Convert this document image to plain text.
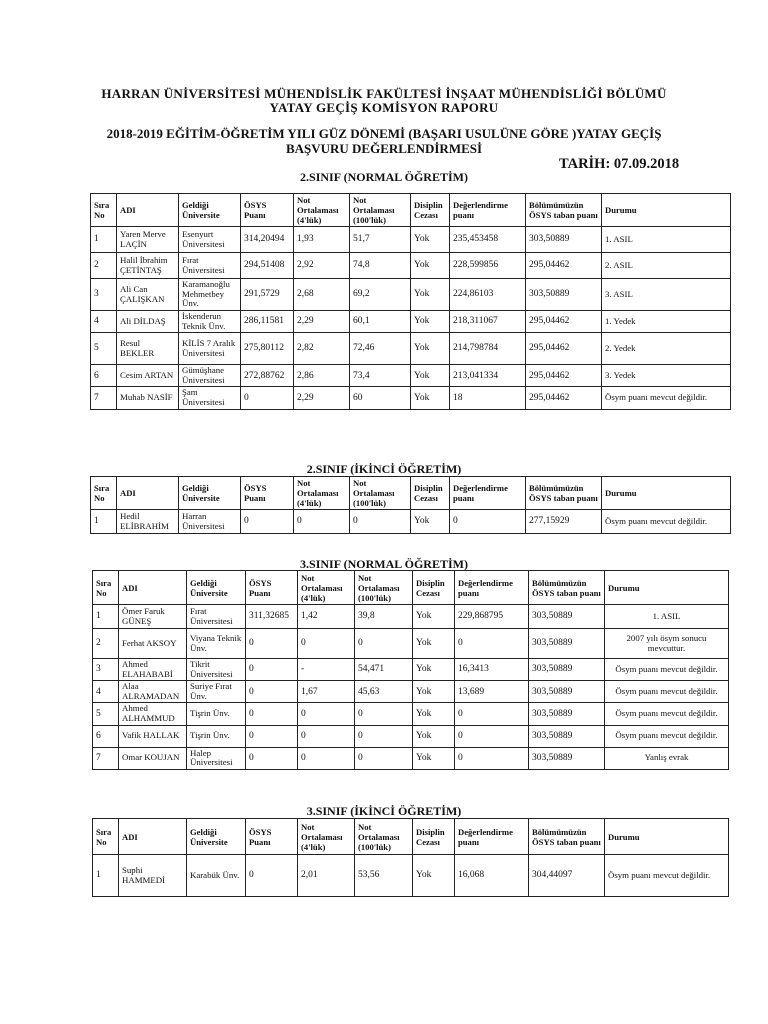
HARRAN ÜNİVERSİTESİ MÜHENDİSLİK FAKÜLTESİ İNŞAAT MÜHENDİSLİĞİ BÖLÜMÜ
YATAY GEÇİŞ KOMİSYON RAPORU
2018-2019 EĞİTİM-ÖĞRETİM YILI GÜZ DÖNEMİ (BAŞARI USULÜNE GÖRE )YATAY GEÇİŞ
BAŞVURU DEĞERLENDİRMESİ
TARİH: 07.09.2018
2.SINIF (NORMAL ÖĞRETİM)
Sıra No	ADI	Geldiği Üniversite	ÖSYS Puanı	Not Ortalaması (4'lük)	Not Ortalaması (100'lük)	Disiplin Cezası	Değerlendirme puanı	Bölümümüzün ÖSYS taban puanı	Durumu
1	Yaren Merve LAÇİN	Esenyurt Üniversitesi	314,20494	1,93	51,7	Yok	235,453458	303,50889	1. ASIL
2	Halil İbrahim ÇETİNTAŞ	Fırat Üniversitesi	294,51408	2,92	74,8	Yok	228,599856	295,04462	2. ASIL
3	Ali Can ÇALIŞKAN	Karamanoğlu Mehmetbey Ünv.	291,5729	2,68	69,2	Yok	224,86103	303,50889	3. ASIL
4	Ali DİLDAŞ	İskenderun Teknik Ünv.	286,11581	2,29	60,1	Yok	218,311067	295,04462	1. Yedek
5	Resul BEKLER	KİLİS 7 Aralık Üniversitesi	275,80112	2,82	72,46	Yok	214,798784	295,04462	2. Yedek
6	Cesim ARTAN	Gümüşhane Üniversitesi	272,88762	2,86	73,4	Yok	213,041334	295,04462	3. Yedek
7	Muhab NASİF	Şam Üniversitesi	0	2,29	60	Yok	18	295,04462	Ösym puanı mevcut değildir.
2.SINIF (İKİNCİ ÖĞRETİM)
Sıra No	ADI	Geldiği Üniversite	ÖSYS Puanı	Not Ortalaması (4'lük)	Not Ortalaması (100'lük)	Disiplin Cezası	Değerlendirme puanı	Bölümümüzün ÖSYS taban puanı	Durumu
1	Hedil ELİBRAHİM	Harran Üniversitesi	0	0	0	Yok	0	277,15929	Ösym puanı mevcut değildir.
3.SINIF (NORMAL ÖĞRETİM)
Sıra No	ADI	Geldiği Üniversite	ÖSYS Puanı	Not Ortalaması (4'lük)	Not Ortalaması (100'lük)	Disiplin Cezası	Değerlendirme puanı	Bölümümüzün ÖSYS taban puanı	Durumu
1	Ömer Faruk GÜNEŞ	Fırat Üniversitesi	311,32685	1,42	39,8	Yok	229,868795	303,50889	1. ASIL
2	Ferhat AKSOY	Viyana Teknik Ünv.	0	0	0	Yok	0	303,50889	2007 yılı ösym sonucu mevcuttur.
3	Ahmed ELAHABABİ	Tikrit Üniversitesi	0	-	54,471	Yok	16,3413	303,50889	Ösym puanı mevcut değildir.
4	Alaa ALRAMADAN	Suriye Fırat Ünv.	0	1,67	45,63	Yok	13,689	303,50889	Ösym puanı mevcut değildir.
5	Ahmed ALHAMMUD	Tişrin Ünv.	0	0	0	Yok	0	303,50889	Ösym puanı mevcut değildir.
6	Vafik HALLAK	Tişrin Ünv.	0	0	0	Yok	0	303,50889	Ösym puanı mevcut değildir.
7	Omar KOUJAN	Halep Üniversitesi	0	0	0	Yok	0	303,50889	Yanlış evrak
3.SINIF (İKİNCİ ÖĞRETİM)
Sıra No	ADI	Geldiği Üniversite	ÖSYS Puanı	Not Ortalaması (4'lük)	Not Ortalaması (100'lük)	Disiplin Cezası	Değerlendirme puanı	Bölümümüzün ÖSYS taban puanı	Durumu
1	Suphi HAMMEDİ	Karabük Ünv.	0	2,01	53,56	Yok	16,068	304,44097	Ösym puanı mevcut değildir.
